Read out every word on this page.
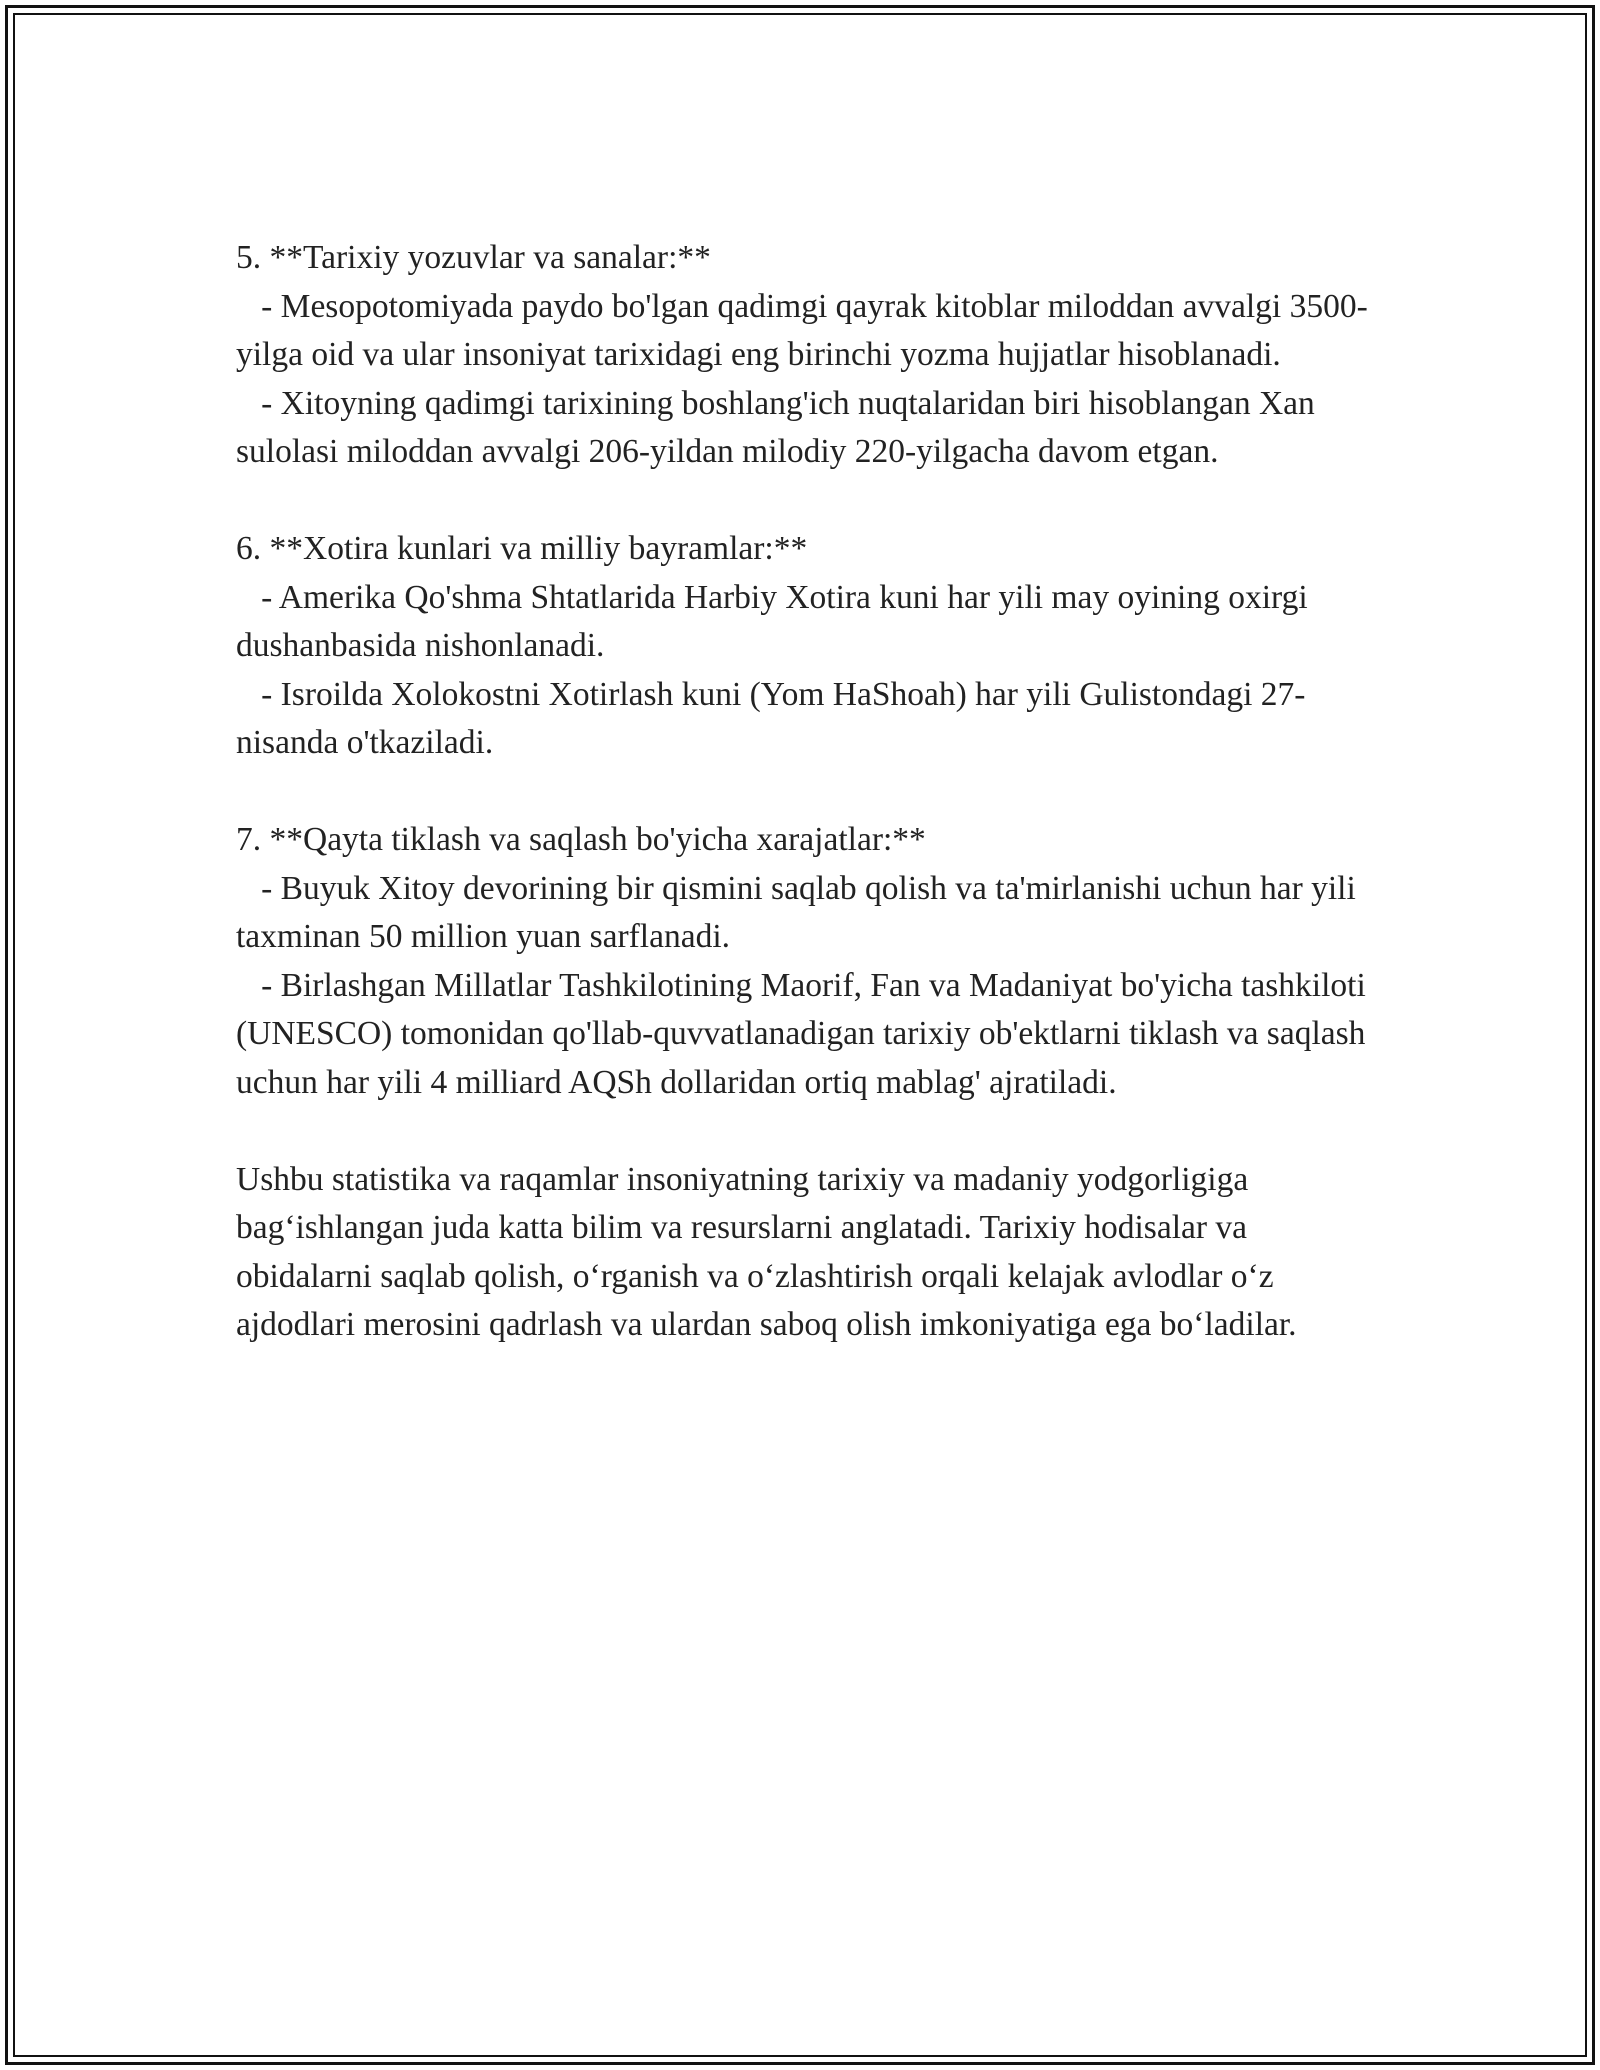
5. **Tarixiy yozuvlar va sanalar:**

- Mesopotomiyada paydo bo'lgan qadimgi qayrak kitoblar miloddan avvalgi 3500-yilga oid va ular insoniyat tarixidagi eng birinchi yozma hujjatlar hisoblanadi.

- Xitoyning qadimgi tarixining boshlang'ich nuqtalaridan biri hisoblangan Xan sulolasi miloddan avvalgi 206-yildan milodiy 220-yilgacha davom etgan.

6. **Xotira kunlari va milliy bayramlar:**

- Amerika Qo'shma Shtatlarida Harbiy Xotira kuni har yili may oyining oxirgi dushanbasida nishonlanadi.

- Isroilda Xolokostni Xotirlash kuni (Yom HaShoah) har yili Gulistondagi 27-nisanda o'tkaziladi.

7. **Qayta tiklash va saqlash bo'yicha xarajatlar:**

- Buyuk Xitoy devorining bir qismini saqlab qolish va ta'mirlanishi uchun har yili taxminan 50 million yuan sarflanadi.

- Birlashgan Millatlar Tashkilotining Maorif, Fan va Madaniyat bo'yicha tashkiloti (UNESCO) tomonidan qo'llab-quvvatlanadigan tarixiy ob'ektlarni tiklash va saqlash uchun har yili 4 milliard AQSh dollaridan ortiq mablag' ajratiladi.

Ushbu statistika va raqamlar insoniyatning tarixiy va madaniy yodgorligiga bag‘ishlangan juda katta bilim va resurslarni anglatadi. Tarixiy hodisalar va obidalarni saqlab qolish, o‘rganish va o‘zlashtirish orqali kelajak avlodlar o‘z ajdodlari merosini qadrlash va ulardan saboq olish imkoniyatiga ega bo‘ladilar.
